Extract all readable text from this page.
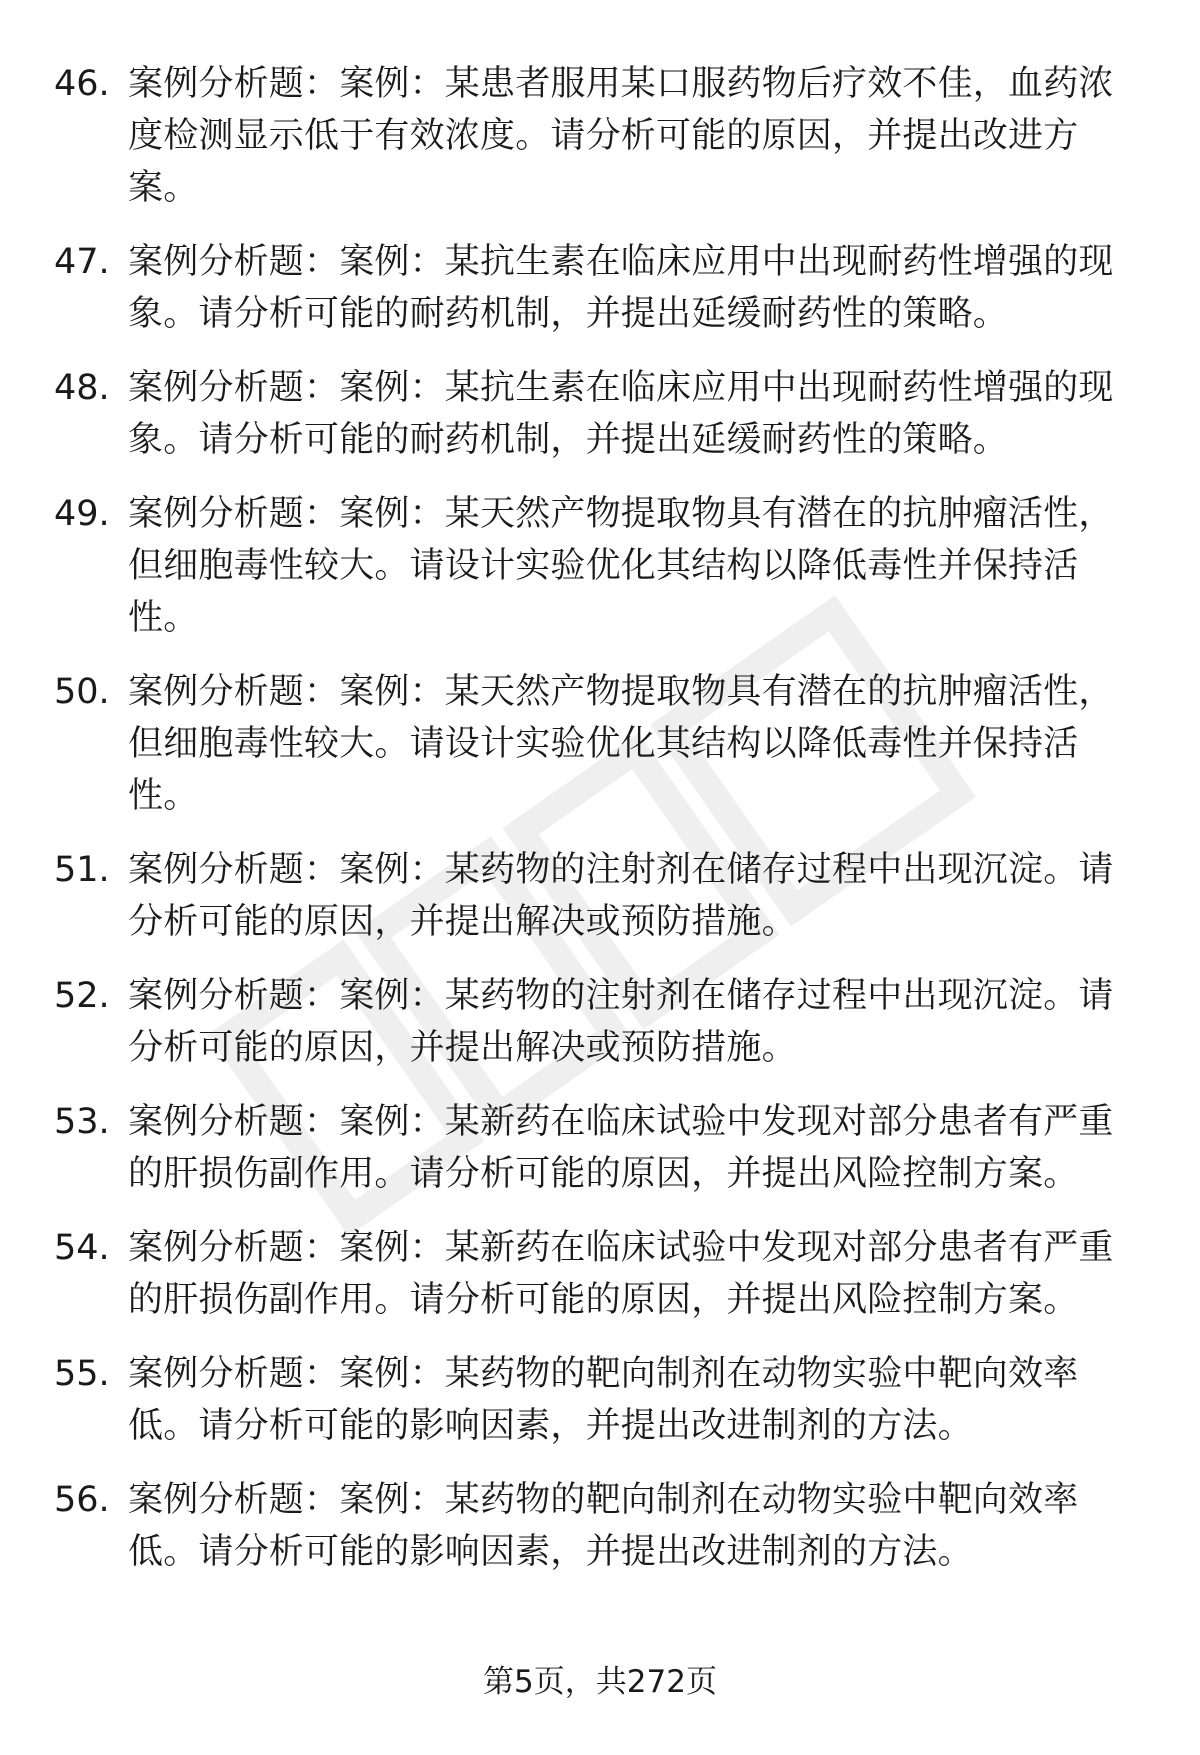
46. 案例分析题：案例：某患者服用某口服药物后疗效不佳，血药浓度检测显示低于有效浓度。请分析可能的原因，并提出改进方案。
47. 案例分析题：案例：某抗生素在临床应用中出现耐药性增强的现象。请分析可能的耐药机制，并提出延缓耐药性的策略。
48. 案例分析题：案例：某抗生素在临床应用中出现耐药性增强的现象。请分析可能的耐药机制，并提出延缓耐药性的策略。
49. 案例分析题：案例：某天然产物提取物具有潜在的抗肿瘤活性，但细胞毒性较大。请设计实验优化其结构以降低毒性并保持活性。
50. 案例分析题：案例：某天然产物提取物具有潜在的抗肿瘤活性，但细胞毒性较大。请设计实验优化其结构以降低毒性并保持活性。
51. 案例分析题：案例：某药物的注射剂在储存过程中出现沉淀。请分析可能的原因，并提出解决或预防措施。
52. 案例分析题：案例：某药物的注射剂在储存过程中出现沉淀。请分析可能的原因，并提出解决或预防措施。
53. 案例分析题：案例：某新药在临床试验中发现对部分患者有严重的肝损伤副作用。请分析可能的原因，并提出风险控制方案。
54. 案例分析题：案例：某新药在临床试验中发现对部分患者有严重的肝损伤副作用。请分析可能的原因，并提出风险控制方案。
55. 案例分析题：案例：某药物的靶向制剂在动物实验中靶向效率低。请分析可能的影响因素，并提出改进制剂的方法。
56. 案例分析题：案例：某药物的靶向制剂在动物实验中靶向效率低。请分析可能的影响因素，并提出改进制剂的方法。
第5页，共272页
